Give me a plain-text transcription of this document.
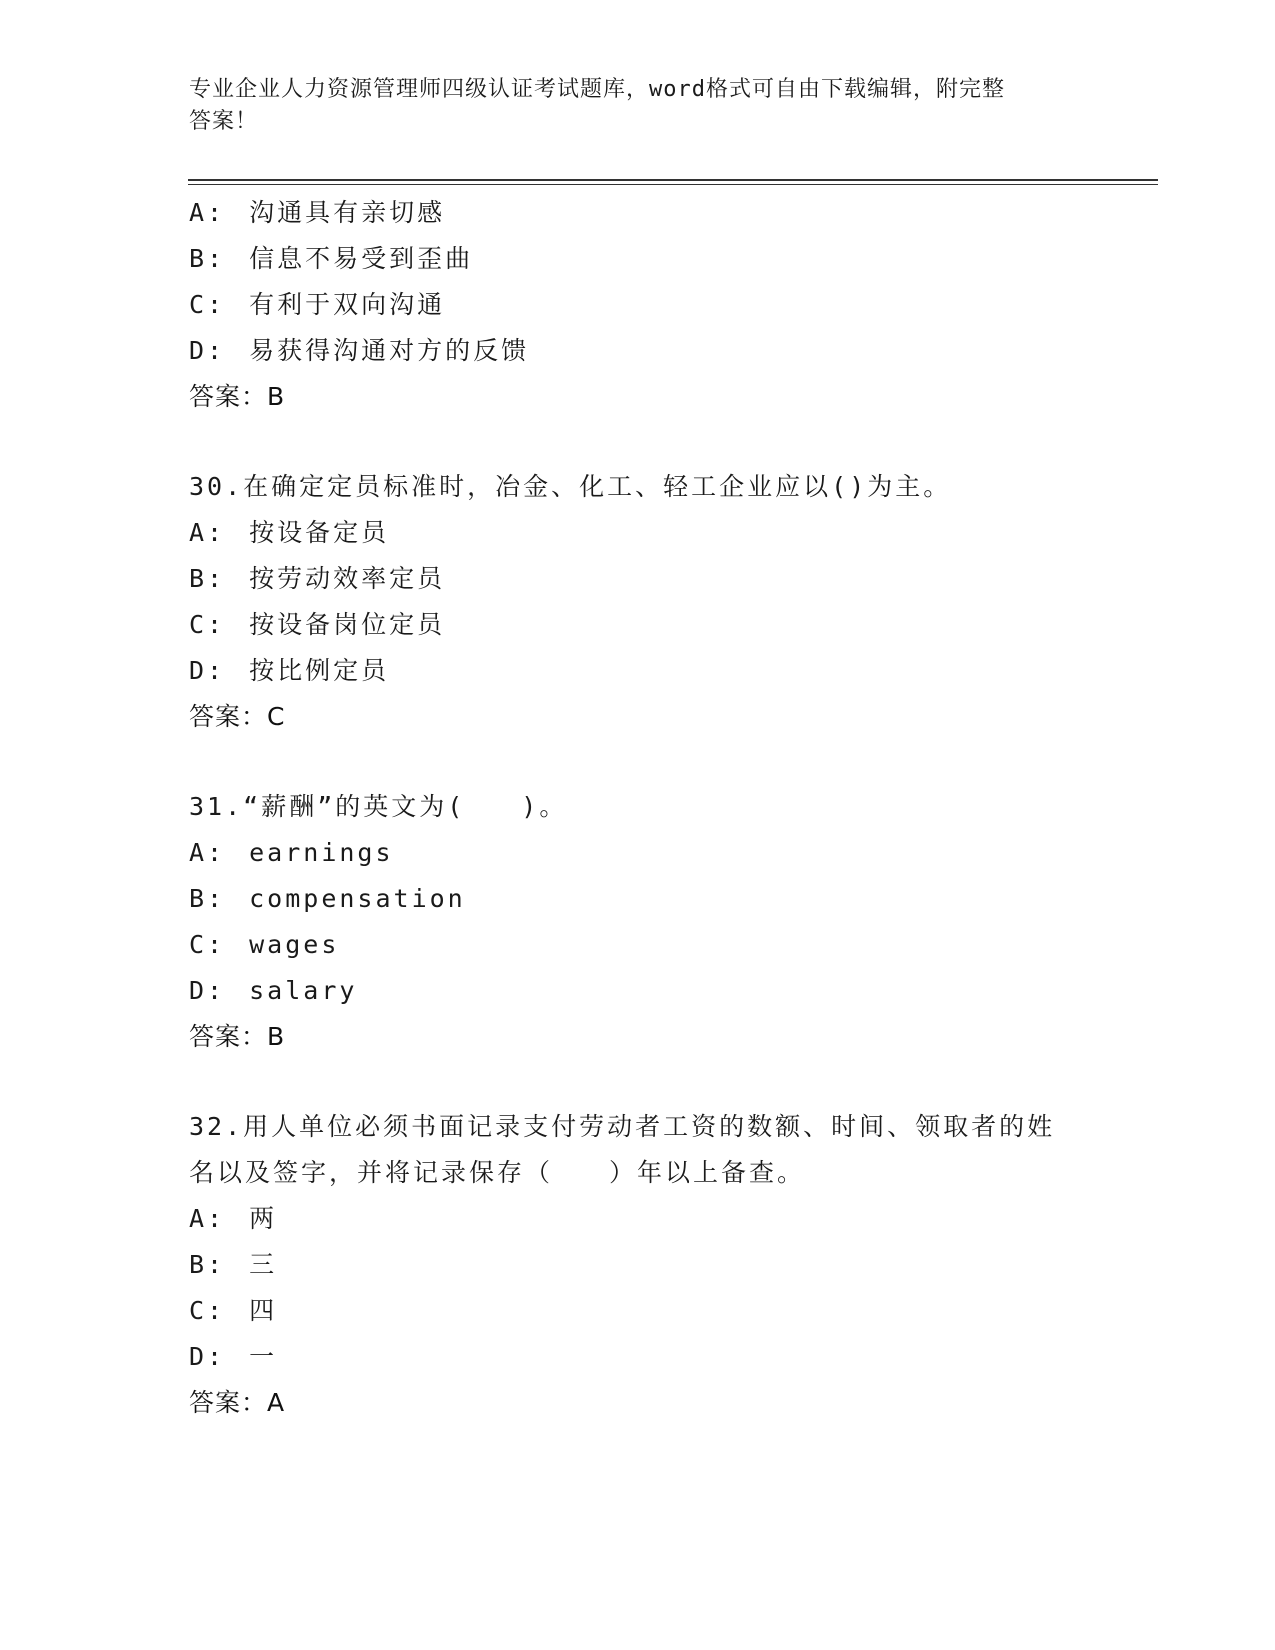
专业企业人力资源管理师四级认证考试题库，word格式可自由下载编辑，附完整
答案！
A: 沟通具有亲切感
B: 信息不易受到歪曲
C: 有利于双向沟通
D: 易获得沟通对方的反馈
答案：B
30.在确定定员标准时，冶金、化工、轻工企业应以()为主。
A: 按设备定员
B: 按劳动效率定员
C: 按设备岗位定员
D: 按比例定员
答案：C
31.“薪酬”的英文为(　　)。
A: earnings
B: compensation
C: wages
D: salary
答案：B
32.用人单位必须书面记录支付劳动者工资的数额、时间、领取者的姓
名以及签字，并将记录保存（　　）年以上备查。
A: 两
B: 三
C: 四
D: 一
答案：A
